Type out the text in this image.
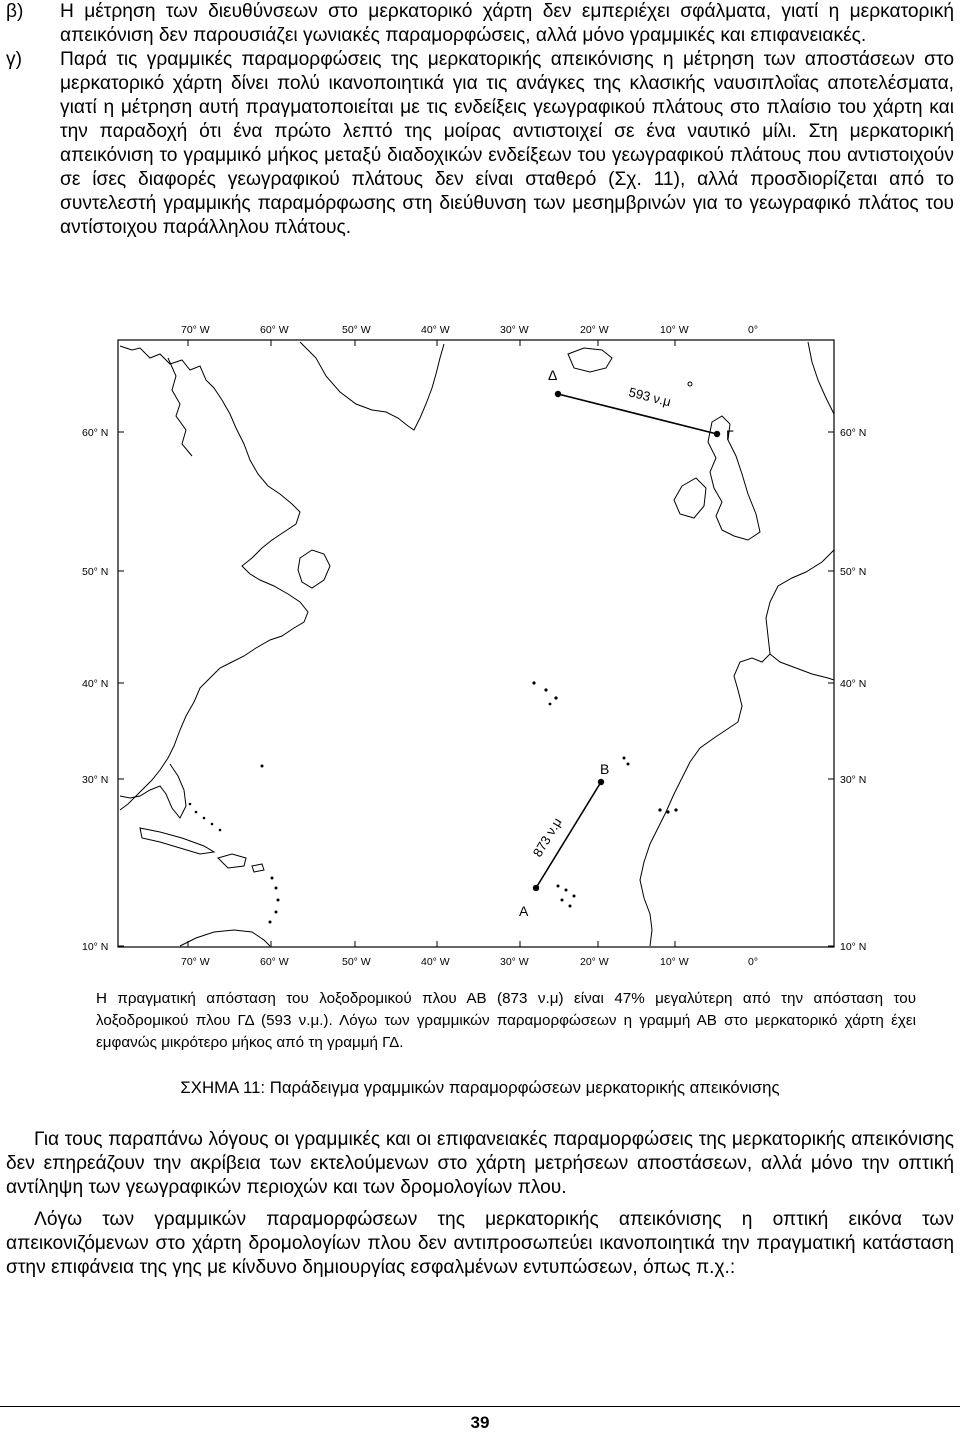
β) Η μέτρηση των διευθύνσεων στο μερκατορικό χάρτη δεν εμπεριέχει σφάλματα, γιατί η μερκατορική απεικόνιση δεν παρουσιάζει γωνιακές παραμορφώσεις, αλλά μόνο γραμμικές και επιφανειακές.
γ) Παρά τις γραμμικές παραμορφώσεις της μερκατορικής απεικόνισης η μέτρηση των αποστάσεων στο μερκατορικό χάρτη δίνει πολύ ικανοποιητικά για τις ανάγκες της κλασικής ναυσιπλοΐας αποτελέσματα, γιατί η μέτρηση αυτή πραγματοποιείται με τις ενδείξεις γεωγραφικού πλάτους στο πλαίσιο του χάρτη και την παραδοχή ότι ένα πρώτο λεπτό της μοίρας αντιστοιχεί σε ένα ναυτικό μίλι. Στη μερκατορική απεικόνιση το γραμμικό μήκος μεταξύ διαδοχικών ενδείξεων του γεωγραφικού πλάτους που αντιστοιχούν σε ίσες διαφορές γεωγραφικού πλάτους δεν είναι σταθερό (Σχ. 11), αλλά προσδιορίζεται από το συντελεστή γραμμικής παραμόρφωσης στη διεύθυνση των μεσημβρινών για το γεωγραφικό πλάτος του αντίστοιχου παράλληλου πλάτους.
70° W	60° W	50° W	40° W	30° W	20° W	10° W	0°
70° W	60° W	50° W	40° W	30° W	20° W	10° W	0°
60° N
50° N
40° N
30° N
10° N
60° N
50° N
40° N
30° N
10° N
Δ
Γ
593 ν.μ
Α
Β
873 ν.μ
Η πραγματική απόσταση του λοξοδρομικού πλου ΑΒ (873 ν.μ) είναι 47% μεγαλύτερη από την απόσταση του λοξοδρομικού πλου ΓΔ (593 ν.μ.). Λόγω των γραμμικών παραμορφώσεων η γραμμή ΑΒ στο μερκατορικό χάρτη έχει εμφανώς μικρότερο μήκος από τη γραμμή ΓΔ.
ΣΧΗΜΑ 11: Παράδειγμα γραμμικών παραμορφώσεων μερκατορικής απεικόνισης
Για τους παραπάνω λόγους οι γραμμικές και οι επιφανειακές παραμορφώσεις της μερκατορικής απεικόνισης δεν επηρεάζουν την ακρίβεια των εκτελούμενων στο χάρτη μετρήσεων αποστάσεων, αλλά μόνο την οπτική αντίληψη των γεωγραφικών περιοχών και των δρομολογίων πλου.
Λόγω των γραμμικών παραμορφώσεων της μερκατορικής απεικόνισης η οπτική εικόνα των απεικονιζόμενων στο χάρτη δρομολογίων πλου δεν αντιπροσωπεύει ικανοποιητικά την πραγματική κατάσταση στην επιφάνεια της γης με κίνδυνο δημιουργίας εσφαλμένων εντυπώσεων, όπως π.χ.:
39
